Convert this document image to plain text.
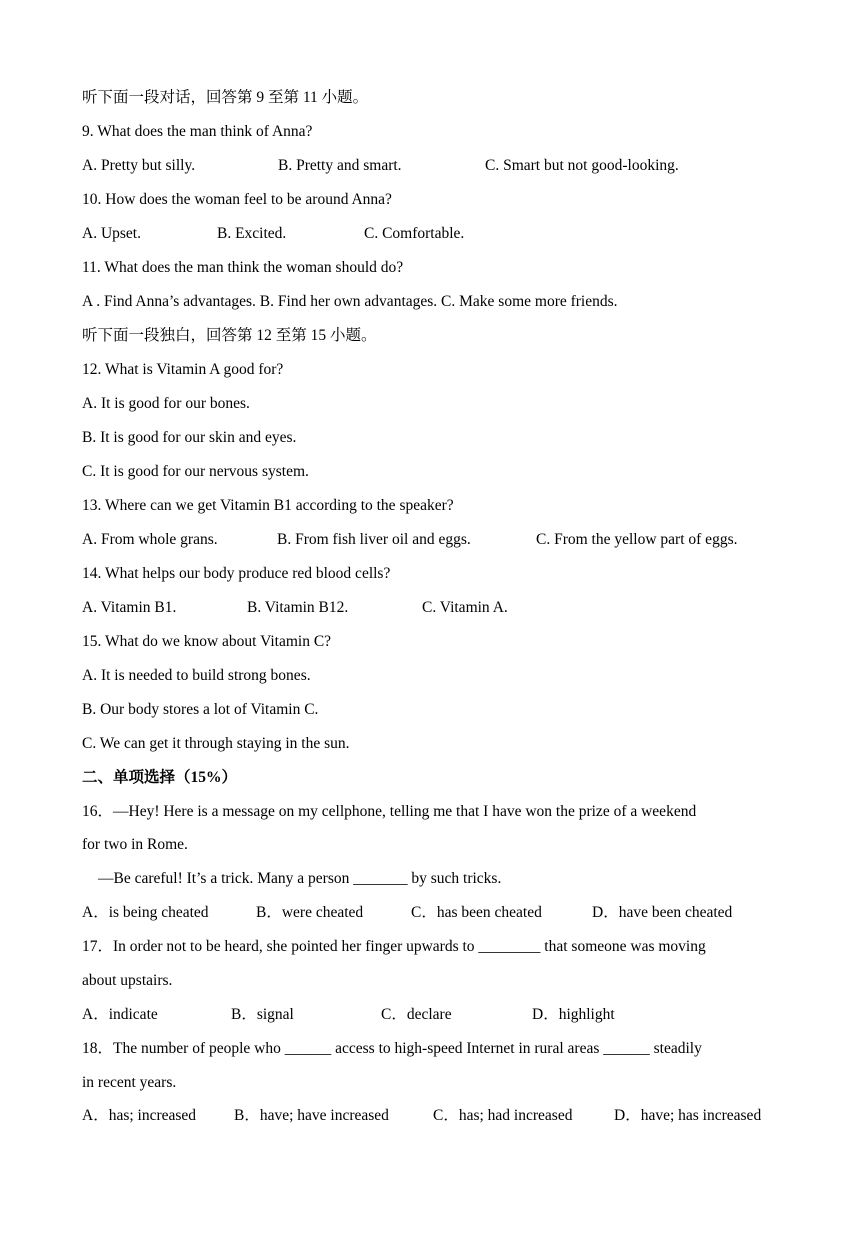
听下面一段对话，回答第 9 至第 11 小题。
9. What does the man think of Anna?

A. Pretty but silly.

	B. Pretty and smart.

	C. Smart but not good-looking.

10. How does the woman feel to be around Anna?

A. Upset.

	B. Excited.

	C. Comfortable.

11. What does the man think the woman should do?
A . Find Anna’s advantages. B. Find her own advantages. C. Make some more friends.
听下面一段独白，回答第 12 至第 15 小题。
12. What is Vitamin A good for?
A. It is good for our bones.
B. It is good for our skin and eyes.
C. It is good for our nervous system.
13. Where can we get Vitamin B1 according to the speaker?

A. From whole grans.

	B. From fish liver oil and eggs.

	C. From the yellow part of eggs.

14. What helps our body produce red blood cells?

A. Vitamin B1.

	B. Vitamin B12.

	C. Vitamin A.

15. What do we know about Vitamin C?
A. It is needed to build strong bones.
B. Our body stores a lot of Vitamin C.
C. We can get it through staying in the sun.
二、单项选择（15%）
16．—Hey! Here is a message on my cellphone, telling me that I have won the prize of a weekend
for two in Rome.
—Be careful! It’s a trick. Many a person _______ by such tricks.

A．is being cheated

	B．were cheated

	C．has been cheated

	D．have been cheated

17．In order not to be heard, she pointed her finger upwards to ________ that someone was moving
about upstairs.

A．indicate

	B．signal

	C．declare

	D．highlight

18．The number of people who ______ access to high-speed Internet in rural areas ______ steadily
in recent years.

A．has; increased

B．have; have increased

	C．has; had increased

	D．have; has increased
